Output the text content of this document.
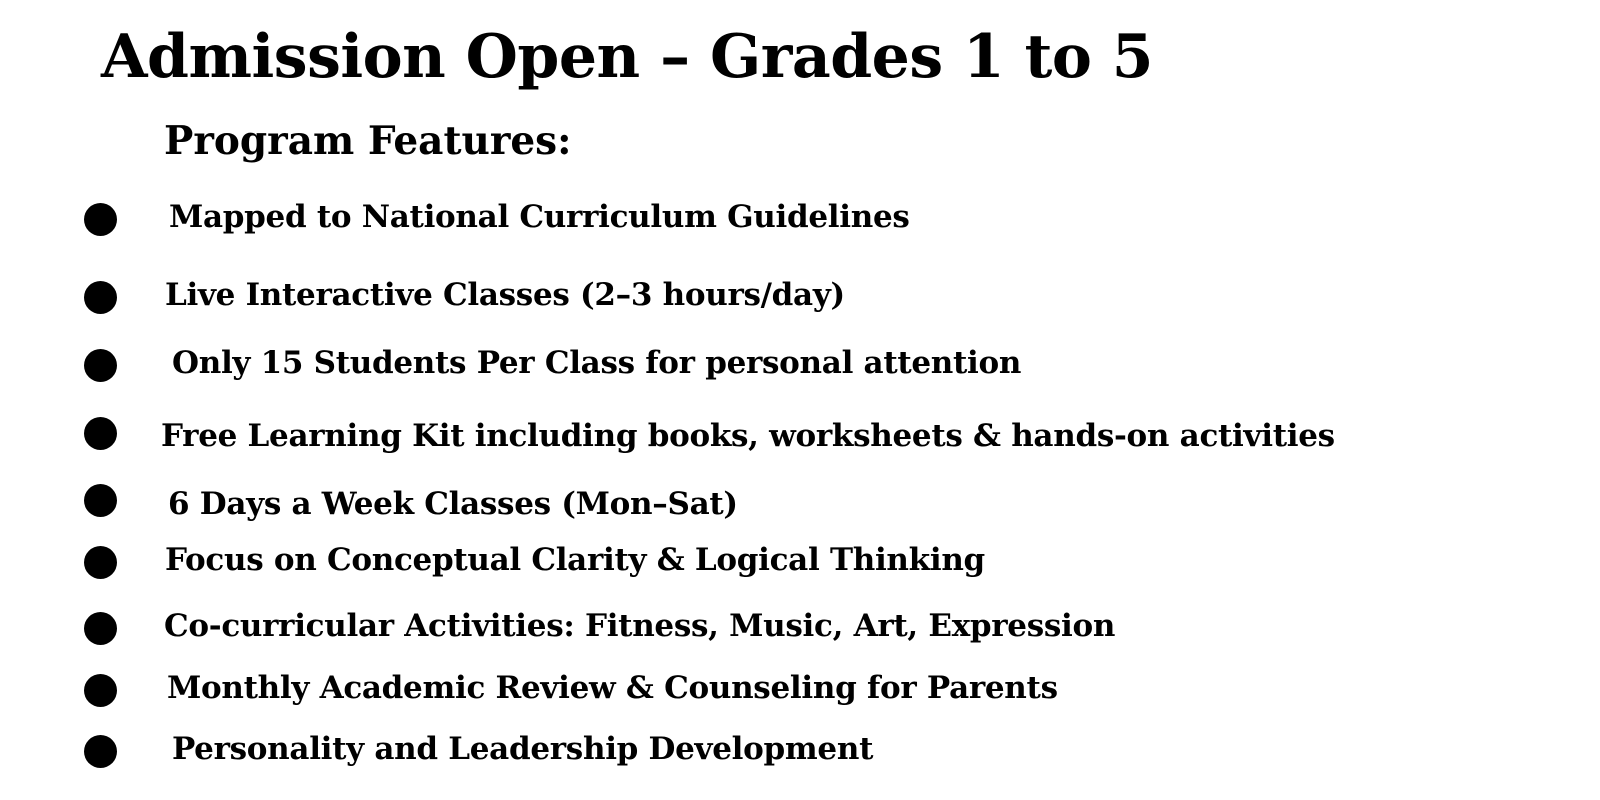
Admission Open – Grades 1 to 5
Program Features:
Mapped to National Curriculum Guidelines
Live Interactive Classes (2–3 hours/day)
Only 15 Students Per Class for personal attention
Free Learning Kit including books, worksheets & hands-on activities
6 Days a Week Classes (Mon–Sat)
Focus on Conceptual Clarity & Logical Thinking
Co-curricular Activities: Fitness, Music, Art, Expression
Monthly Academic Review & Counseling for Parents
Personality and Leadership Development
